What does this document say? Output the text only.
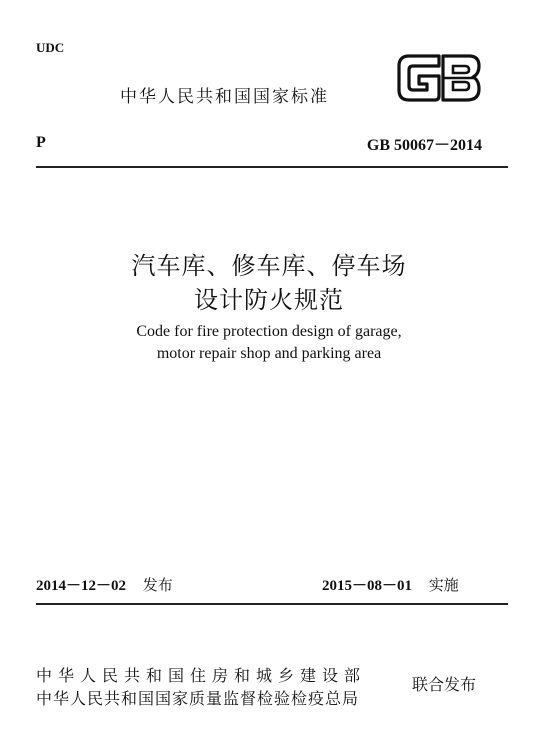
UDC
中华人民共和国国家标准
P	GB 50067－2014
汽车库、修车库、停车场
设计防火规范
Code for fire protection design of garage,
motor repair shop and parking area
2014－12－02 发布	2015－08－01 实施
中华人民共和国住房和城乡建设部
中华人民共和国国家质量监督检验检疫总局
联合发布
